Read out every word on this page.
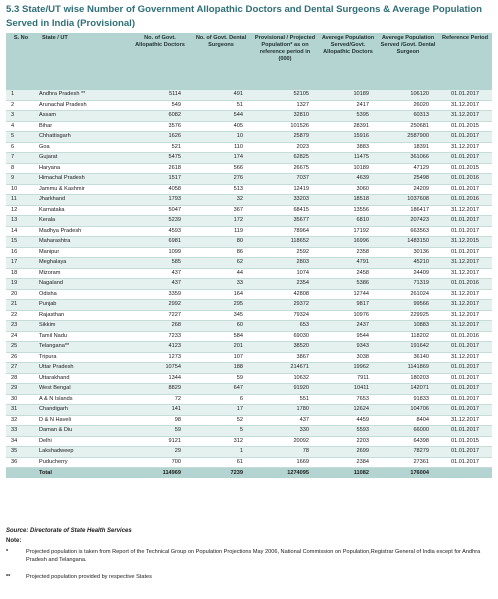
5.3 State/UT wise Number of Government Allopathic Doctors and Dental Surgeons & Average Population Served in India (Provisional)
S. No	State / UT	No. of Govt. Allopathic Doctors	No. of Govt. Dental Surgeons	Provisional / Projected Population* as on reference period in (000)	Averege Population Served/Govt. Allopathic Doctors	Averege Population Served /Govt. Dental Surgeon	Reference Period
1	Andhra Pradesh **	5114	491	52105	10189	106120	01.01.2017
2	Arunachal Pradesh	549	51	1327	2417	26020	31.12.2017
3	Assam	6082	544	32810	5395	60313	31.12.2017
4	Bihar	3576	405	101526	28391	250681	01.01.2015
5	Chhattisgarh	1626	10	25879	15916	2587900	01.01.2017
6	Goa	521	110	2023	3883	18391	31.12.2017
7	Gujarat	5475	174	62825	11475	361066	01.01.2017
8	Haryana	2618	566	26675	10189	47129	01.01.2015
9	Himachal Pradesh	1517	276	7037	4639	25498	01.01.2016
10	Jammu & Kashmir	4058	513	12419	3060	24209	01.01.2017
11	Jharkhand	1793	32	33203	18518	1037608	01.01.2016
12	Karnataka	5047	367	68415	13556	186417	31.12.2017
13	Kerala	5239	172	35677	6810	207423	01.01.2017
14	Madhya Pradesh	4593	119	78964	17192	663563	01.01.2017
15	Maharashtra	6981	80	118652	16996	1483150	31.12.2015
16	Manipur	1099	86	2592	2358	30136	01.01.2017
17	Meghalaya	585	62	2803	4791	45210	31.12.2017
18	Mizoram	437	44	1074	2458	24409	31.12.2017
19	Nagaland	437	33	2354	5386	71319	01.01.2016
20	Odisha	3359	164	42808	12744	261024	31.12.2017
21	Punjab	2992	295	29372	9817	99566	31.12.2017
22	Rajasthan	7227	345	79324	10976	229925	31.12.2017
23	Sikkim	268	60	653	2437	10883	31.12.2017
24	Tamil Nadu	7233	584	69030	9544	118202	01.01.2016
25	Telangana**	4123	201	38520	9343	191642	01.01.2017
26	Tripura	1273	107	3867	3038	36140	31.12.2017
27	Uttar Pradesh	10754	188	214671	19962	1141869	01.01.2017
28	Uttarakhand	1344	59	10632	7911	180203	01.01.2017
29	West Bengal	8829	647	91920	10411	142071	01.01.2017
30	A & N Islands	72	6	551	7653	91833	01.01.2017
31	Chandigarh	141	17	1780	12624	104706	01.01.2017
32	D & N Haveli	98	52	437	4459	8404	31.12.2017
33	Daman & Diu	59	5	330	5593	66000	01.01.2017
34	Delhi	9121	312	20092	2203	64398	01.01.2015
35	Lakshadweep	29	1	78	2699	78279	01.01.2017
36	Puducherry	700	61	1669	2384	27361	01.01.2017
	Total	114969	7239	1274095	11082	176004	
Source: Directorate of State Health Services
Note:
*	Projected population is taken from Report of the Technical Group on Population Projections May 2006, National Commission on Population,Registrar General of India except for Andhra Pradesh and Telangana.
**	Projected population provided by respective States
